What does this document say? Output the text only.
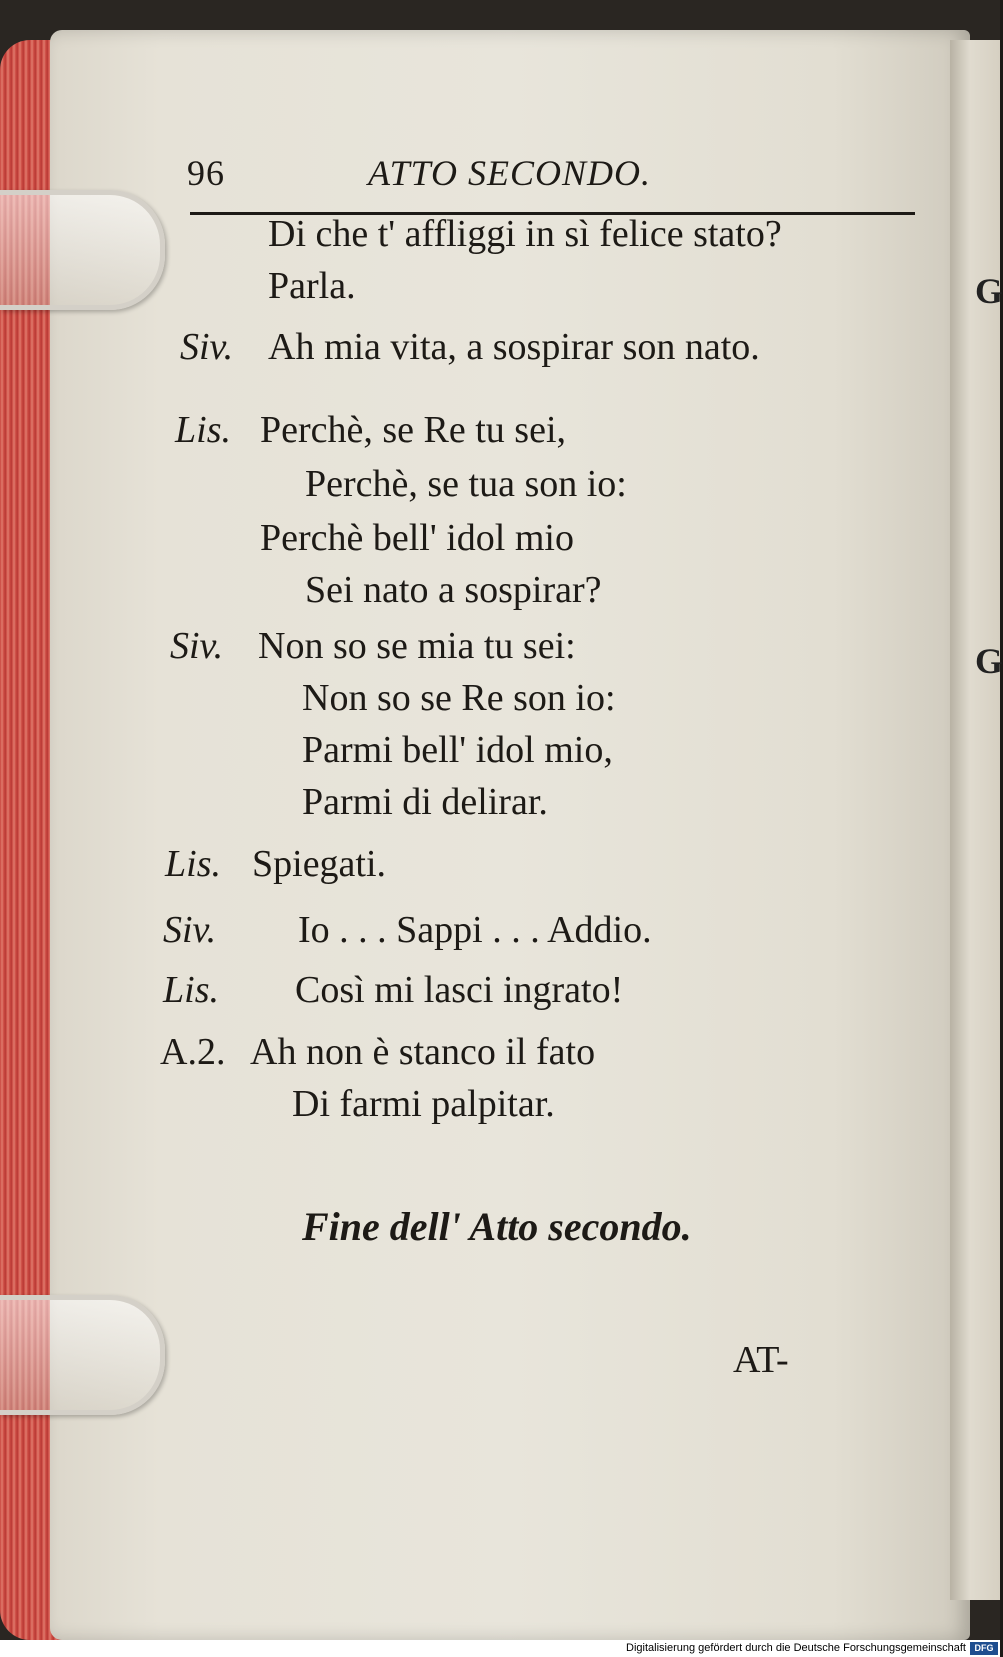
96	ATTO SECONDO.
Di che t' affliggi in sì felice stato?
Parla.
Siv. Ah mia vita, a sospirar son nato.
Lis. Perchè, se Re tu sei,
Perchè, se tua son io:
Perchè bell' idol mio
Sei nato a sospirar?
Siv. Non so se mia tu sei:
Non so se Re son io:
Parmi bell' idol mio,
Parmi di delirar.
Lis. Spiegati.
Siv. Io . . . Sappi . . . Addio.
Lis. Così mi lasci ingrato!
A.2. Ah non è stanco il fato
Di farmi palpitar.
Fine dell' Atto secondo.
AT-
G
G
Digitalisierung gefördert durch die Deutsche Forschungsgemeinschaft DFG
